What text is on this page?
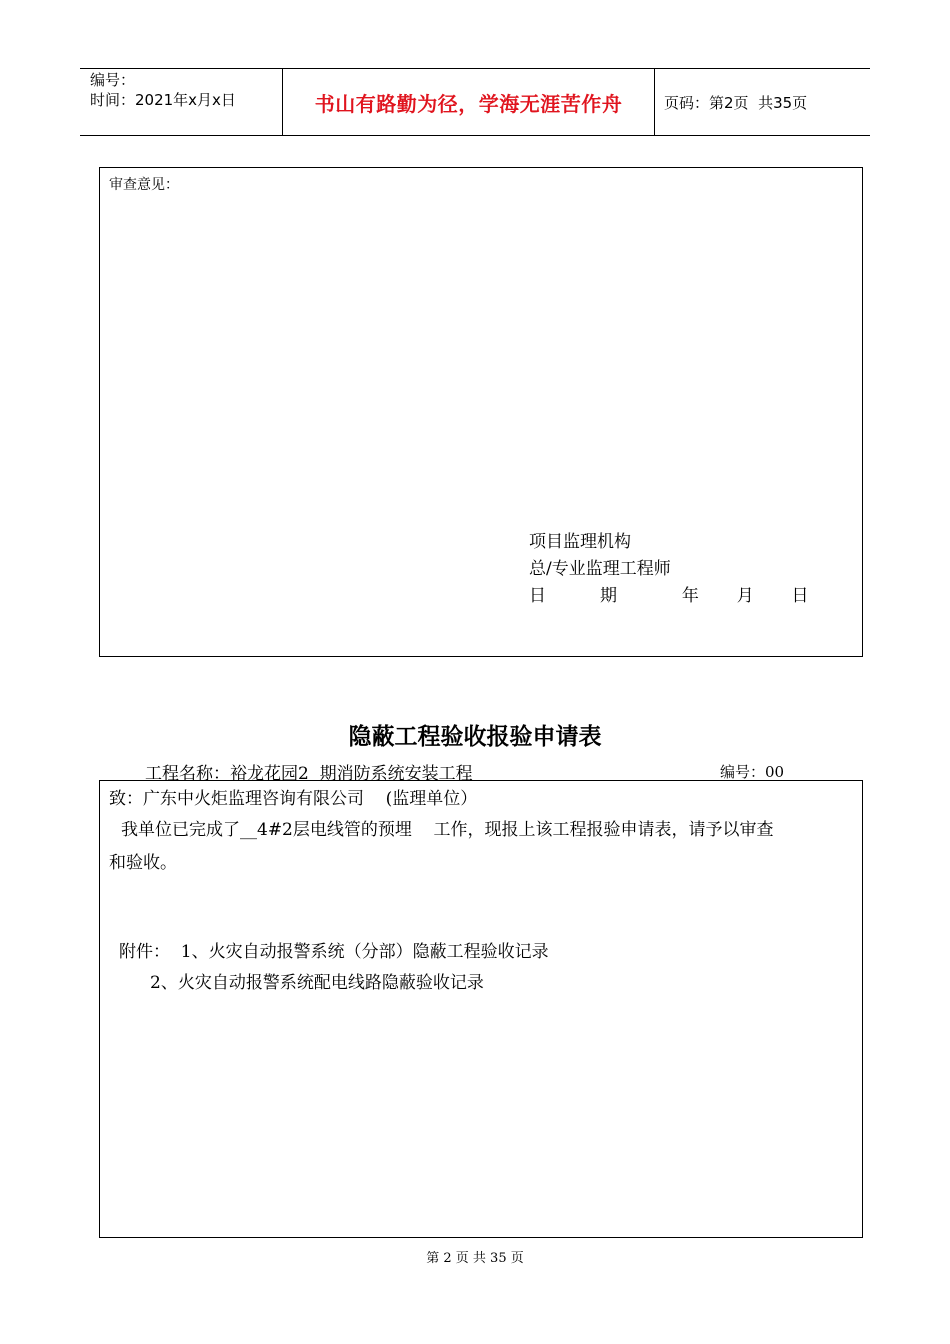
编号：
时间：2021年x月x日	书山有路勤为径，学海无涯苦作舟	页码：第2页  共35页
审查意见：
项目监理机构
总/专业监理工程师
日          期            年       月       日
隐蔽工程验收报验申请表
工程名称：裕龙花园2  期消防系统安装工程	编号：00
致：广东中火炬监理咨询有限公司    (监理单位）
我单位已完成了__4#2层电线管的预埋    工作，现报上该工程报验申请表，请予以审查
和验收。
附件：  1、火灾自动报警系统（分部）隐蔽工程验收记录
2、火灾自动报警系统配电线路隐蔽验收记录
第 2 页 共 35 页
